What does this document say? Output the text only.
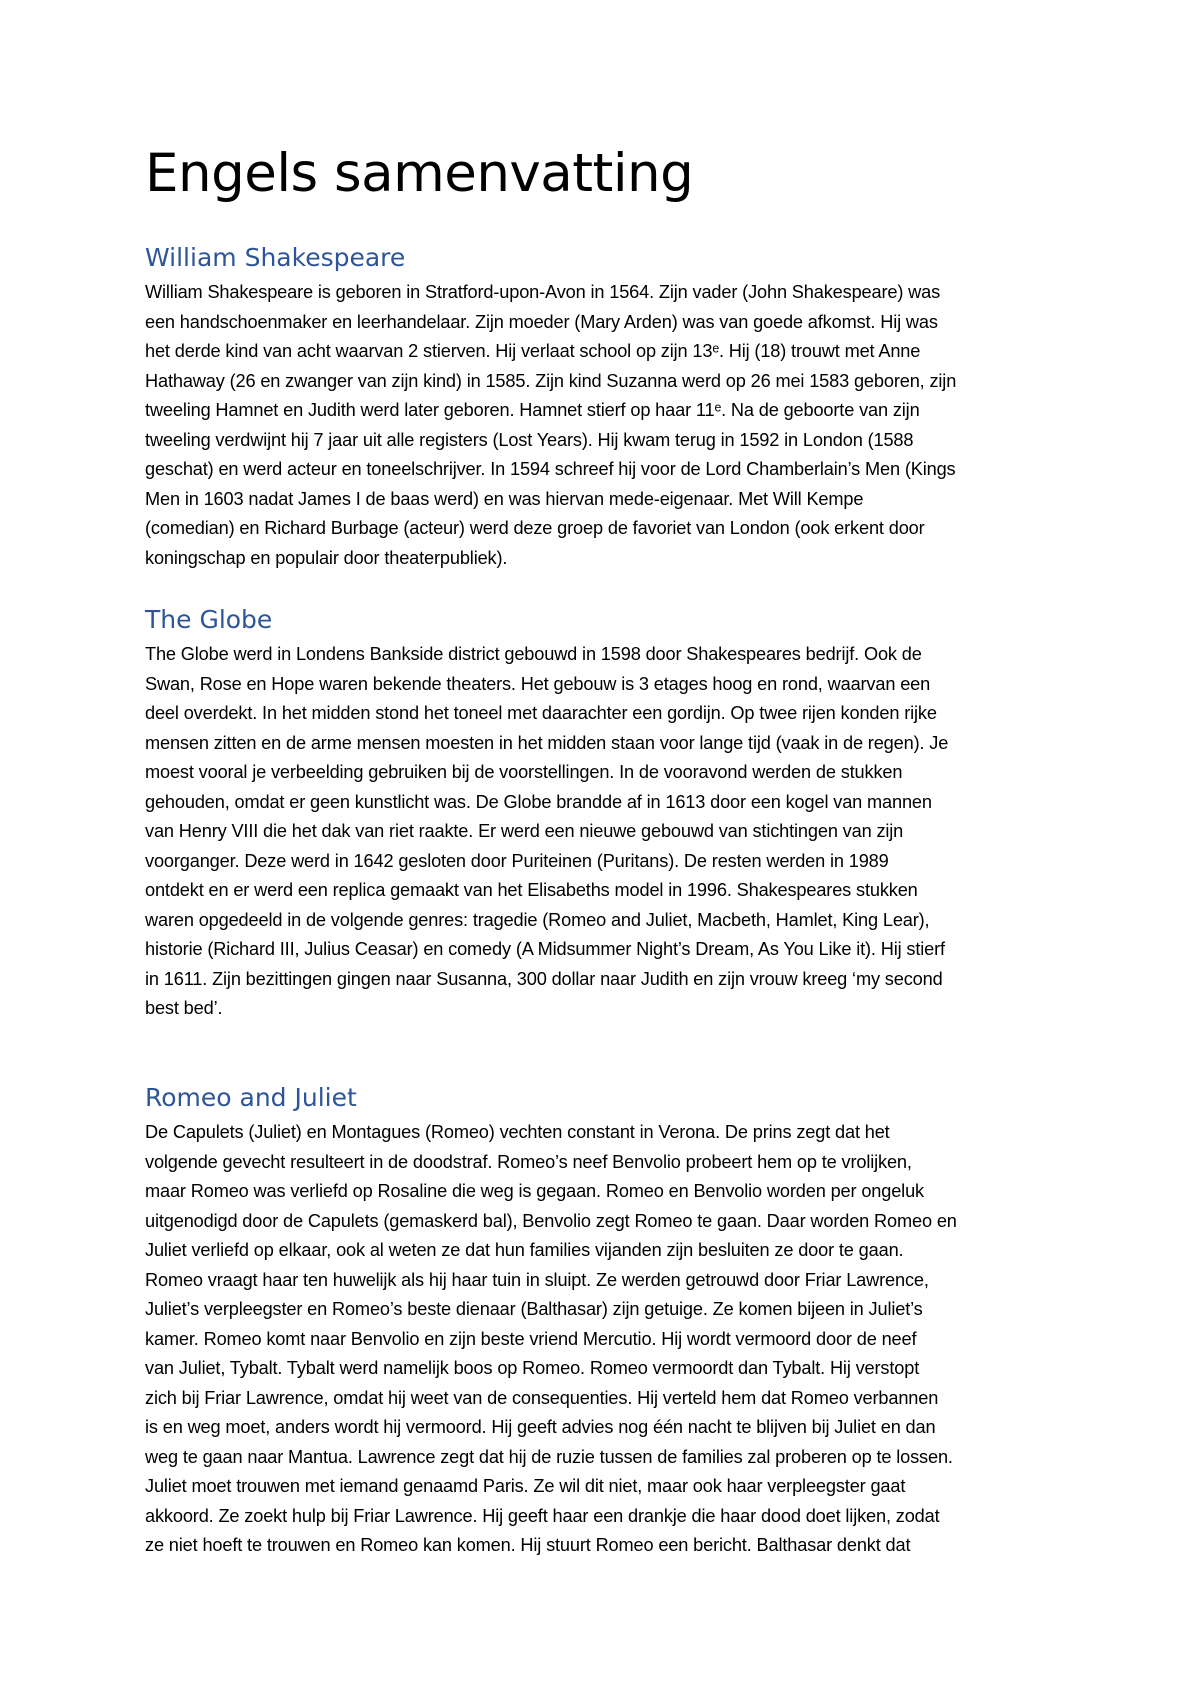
Engels samenvatting
William Shakespeare

William Shakespeare is geboren in Stratford-upon-Avon in 1564. Zijn vader (John Shakespeare) was
een handschoenmaker en leerhandelaar. Zijn moeder (Mary Arden) was van goede afkomst. Hij was
het derde kind van acht waarvan 2 stierven. Hij verlaat school op zijn 13ᵉ. Hij (18) trouwt met Anne
Hathaway (26 en zwanger van zijn kind) in 1585. Zijn kind Suzanna werd op 26 mei 1583 geboren, zijn
tweeling Hamnet en Judith werd later geboren. Hamnet stierf op haar 11ᵉ. Na de geboorte van zijn
tweeling verdwijnt hij 7 jaar uit alle registers (Lost Years). Hij kwam terug in 1592 in London (1588
geschat) en werd acteur en toneelschrijver. In 1594 schreef hij voor de Lord Chamberlain’s Men (Kings
Men in 1603 nadat James I de baas werd) en was hiervan mede-eigenaar. Met Will Kempe
(comedian) en Richard Burbage (acteur) werd deze groep de favoriet van London (ook erkent door
koningschap en populair door theaterpubliek).

The Globe

The Globe werd in Londens Bankside district gebouwd in 1598 door Shakespeares bedrijf. Ook de
Swan, Rose en Hope waren bekende theaters. Het gebouw is 3 etages hoog en rond, waarvan een
deel overdekt. In het midden stond het toneel met daarachter een gordijn. Op twee rijen konden rijke
mensen zitten en de arme mensen moesten in het midden staan voor lange tijd (vaak in de regen). Je
moest vooral je verbeelding gebruiken bij de voorstellingen. In de vooravond werden de stukken
gehouden, omdat er geen kunstlicht was. De Globe brandde af in 1613 door een kogel van mannen
van Henry VIII die het dak van riet raakte. Er werd een nieuwe gebouwd van stichtingen van zijn
voorganger. Deze werd in 1642 gesloten door Puriteinen (Puritans). De resten werden in 1989
ontdekt en er werd een replica gemaakt van het Elisabeths model in 1996. Shakespeares stukken
waren opgedeeld in de volgende genres: tragedie (Romeo and Juliet, Macbeth, Hamlet, King Lear),
historie (Richard III, Julius Ceasar) en comedy (A Midsummer Night’s Dream, As You Like it). Hij stierf
in 1611. Zijn bezittingen gingen naar Susanna, 300 dollar naar Judith en zijn vrouw kreeg ‘my second
best bed’.

Romeo and Juliet

De Capulets (Juliet) en Montagues (Romeo) vechten constant in Verona. De prins zegt dat het
volgende gevecht resulteert in de doodstraf. Romeo’s neef Benvolio probeert hem op te vrolijken,
maar Romeo was verliefd op Rosaline die weg is gegaan. Romeo en Benvolio worden per ongeluk
uitgenodigd door de Capulets (gemaskerd bal), Benvolio zegt Romeo te gaan. Daar worden Romeo en
Juliet verliefd op elkaar, ook al weten ze dat hun families vijanden zijn besluiten ze door te gaan.
Romeo vraagt haar ten huwelijk als hij haar tuin in sluipt. Ze werden getrouwd door Friar Lawrence,
Juliet’s verpleegster en Romeo’s beste dienaar (Balthasar) zijn getuige. Ze komen bijeen in Juliet’s
kamer. Romeo komt naar Benvolio en zijn beste vriend Mercutio. Hij wordt vermoord door de neef
van Juliet, Tybalt. Tybalt werd namelijk boos op Romeo. Romeo vermoordt dan Tybalt. Hij verstopt
zich bij Friar Lawrence, omdat hij weet van de consequenties. Hij verteld hem dat Romeo verbannen
is en weg moet, anders wordt hij vermoord. Hij geeft advies nog één nacht te blijven bij Juliet en dan
weg te gaan naar Mantua. Lawrence zegt dat hij de ruzie tussen de families zal proberen op te lossen.
Juliet moet trouwen met iemand genaamd Paris. Ze wil dit niet, maar ook haar verpleegster gaat
akkoord. Ze zoekt hulp bij Friar Lawrence. Hij geeft haar een drankje die haar dood doet lijken, zodat
ze niet hoeft te trouwen en Romeo kan komen. Hij stuurt Romeo een bericht. Balthasar denkt dat
